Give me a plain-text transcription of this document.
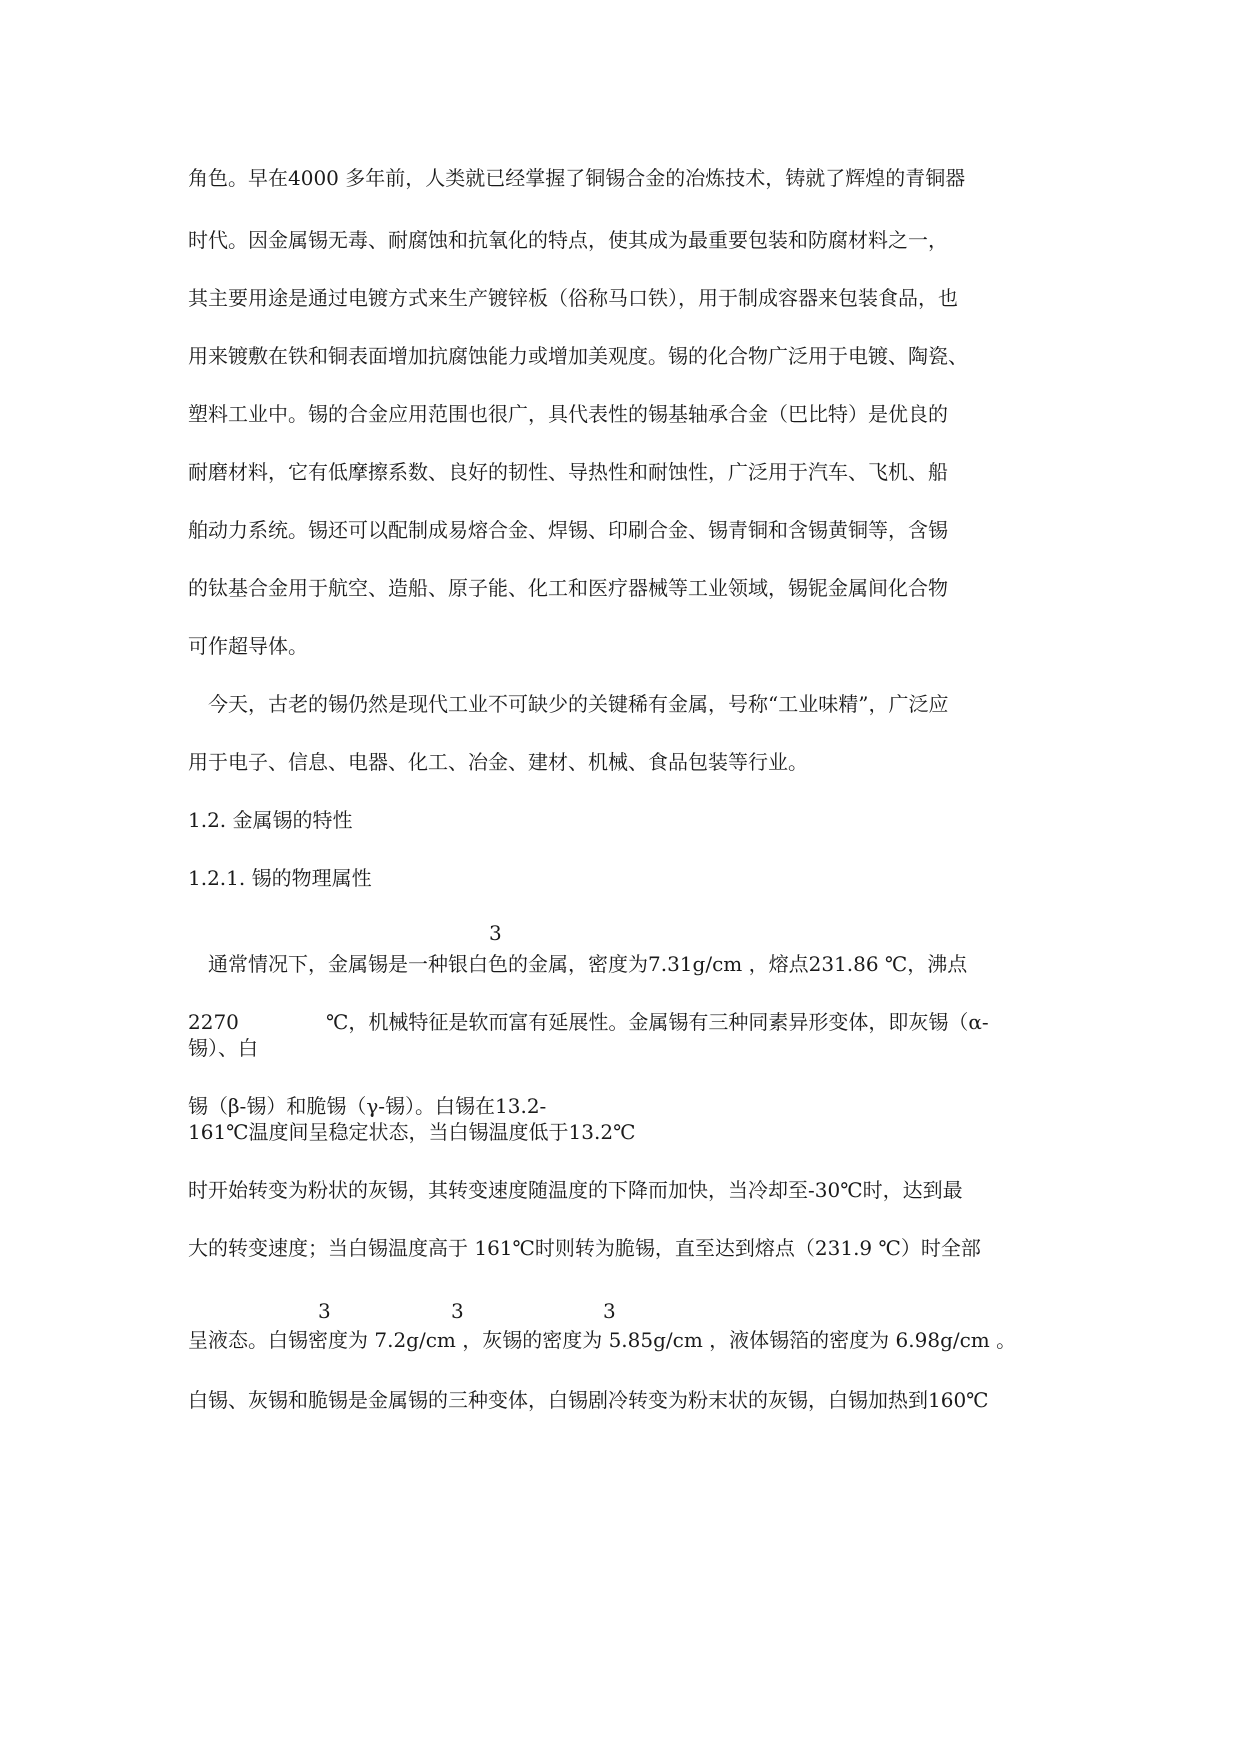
角色。早在4000 多年前，人类就已经掌握了铜锡合金的冶炼技术，铸就了辉煌的青铜器
时代。因金属锡无毒、耐腐蚀和抗氧化的特点，使其成为最重要包装和防腐材料之一，
其主要用途是通过电镀方式来生产镀锌板（俗称马口铁），用于制成容器来包装食品，也
用来镀敷在铁和铜表面增加抗腐蚀能力或增加美观度。锡的化合物广泛用于电镀、陶瓷、
塑料工业中。锡的合金应用范围也很广，具代表性的锡基轴承合金（巴比特）是优良的
耐磨材料，它有低摩擦系数、良好的韧性、导热性和耐蚀性，广泛用于汽车、飞机、船
舶动力系统。锡还可以配制成易熔合金、焊锡、印刷合金、锡青铜和含锡黄铜等，含锡
的钛基合金用于航空、造船、原子能、化工和医疗器械等工业领域，锡铌金属间化合物
可作超导体。
今天，古老的锡仍然是现代工业不可缺少的关键稀有金属，号称“工业味精”，广泛应
用于电子、信息、电器、化工、冶金、建材、机械、食品包装等行业。
1.2. 金属锡的特性
1.2.1. 锡的物理属性
3
通常情况下，金属锡是一种银白色的金属，密度为7.31g/cm ，熔点231.86 ℃，沸点
2270	℃，机械特征是软而富有延展性。金属锡有三种同素异形变体，即灰锡（α-
锡）、白
锡（β-锡）和脆锡（γ-锡）。白锡在13.2-
161℃温度间呈稳定状态，当白锡温度低于13.2℃
时开始转变为粉状的灰锡，其转变速度随温度的下降而加快，当冷却至-30℃时，达到最
大的转变速度；当白锡温度高于 161℃时则转为脆锡，直至达到熔点（231.9 ℃）时全部
3	3	3
呈液态。白锡密度为 7.2g/cm ，灰锡的密度为 5.85g/cm ，液体锡箔的密度为 6.98g/cm 。
白锡、灰锡和脆锡是金属锡的三种变体，白锡剧冷转变为粉末状的灰锡，白锡加热到160℃
